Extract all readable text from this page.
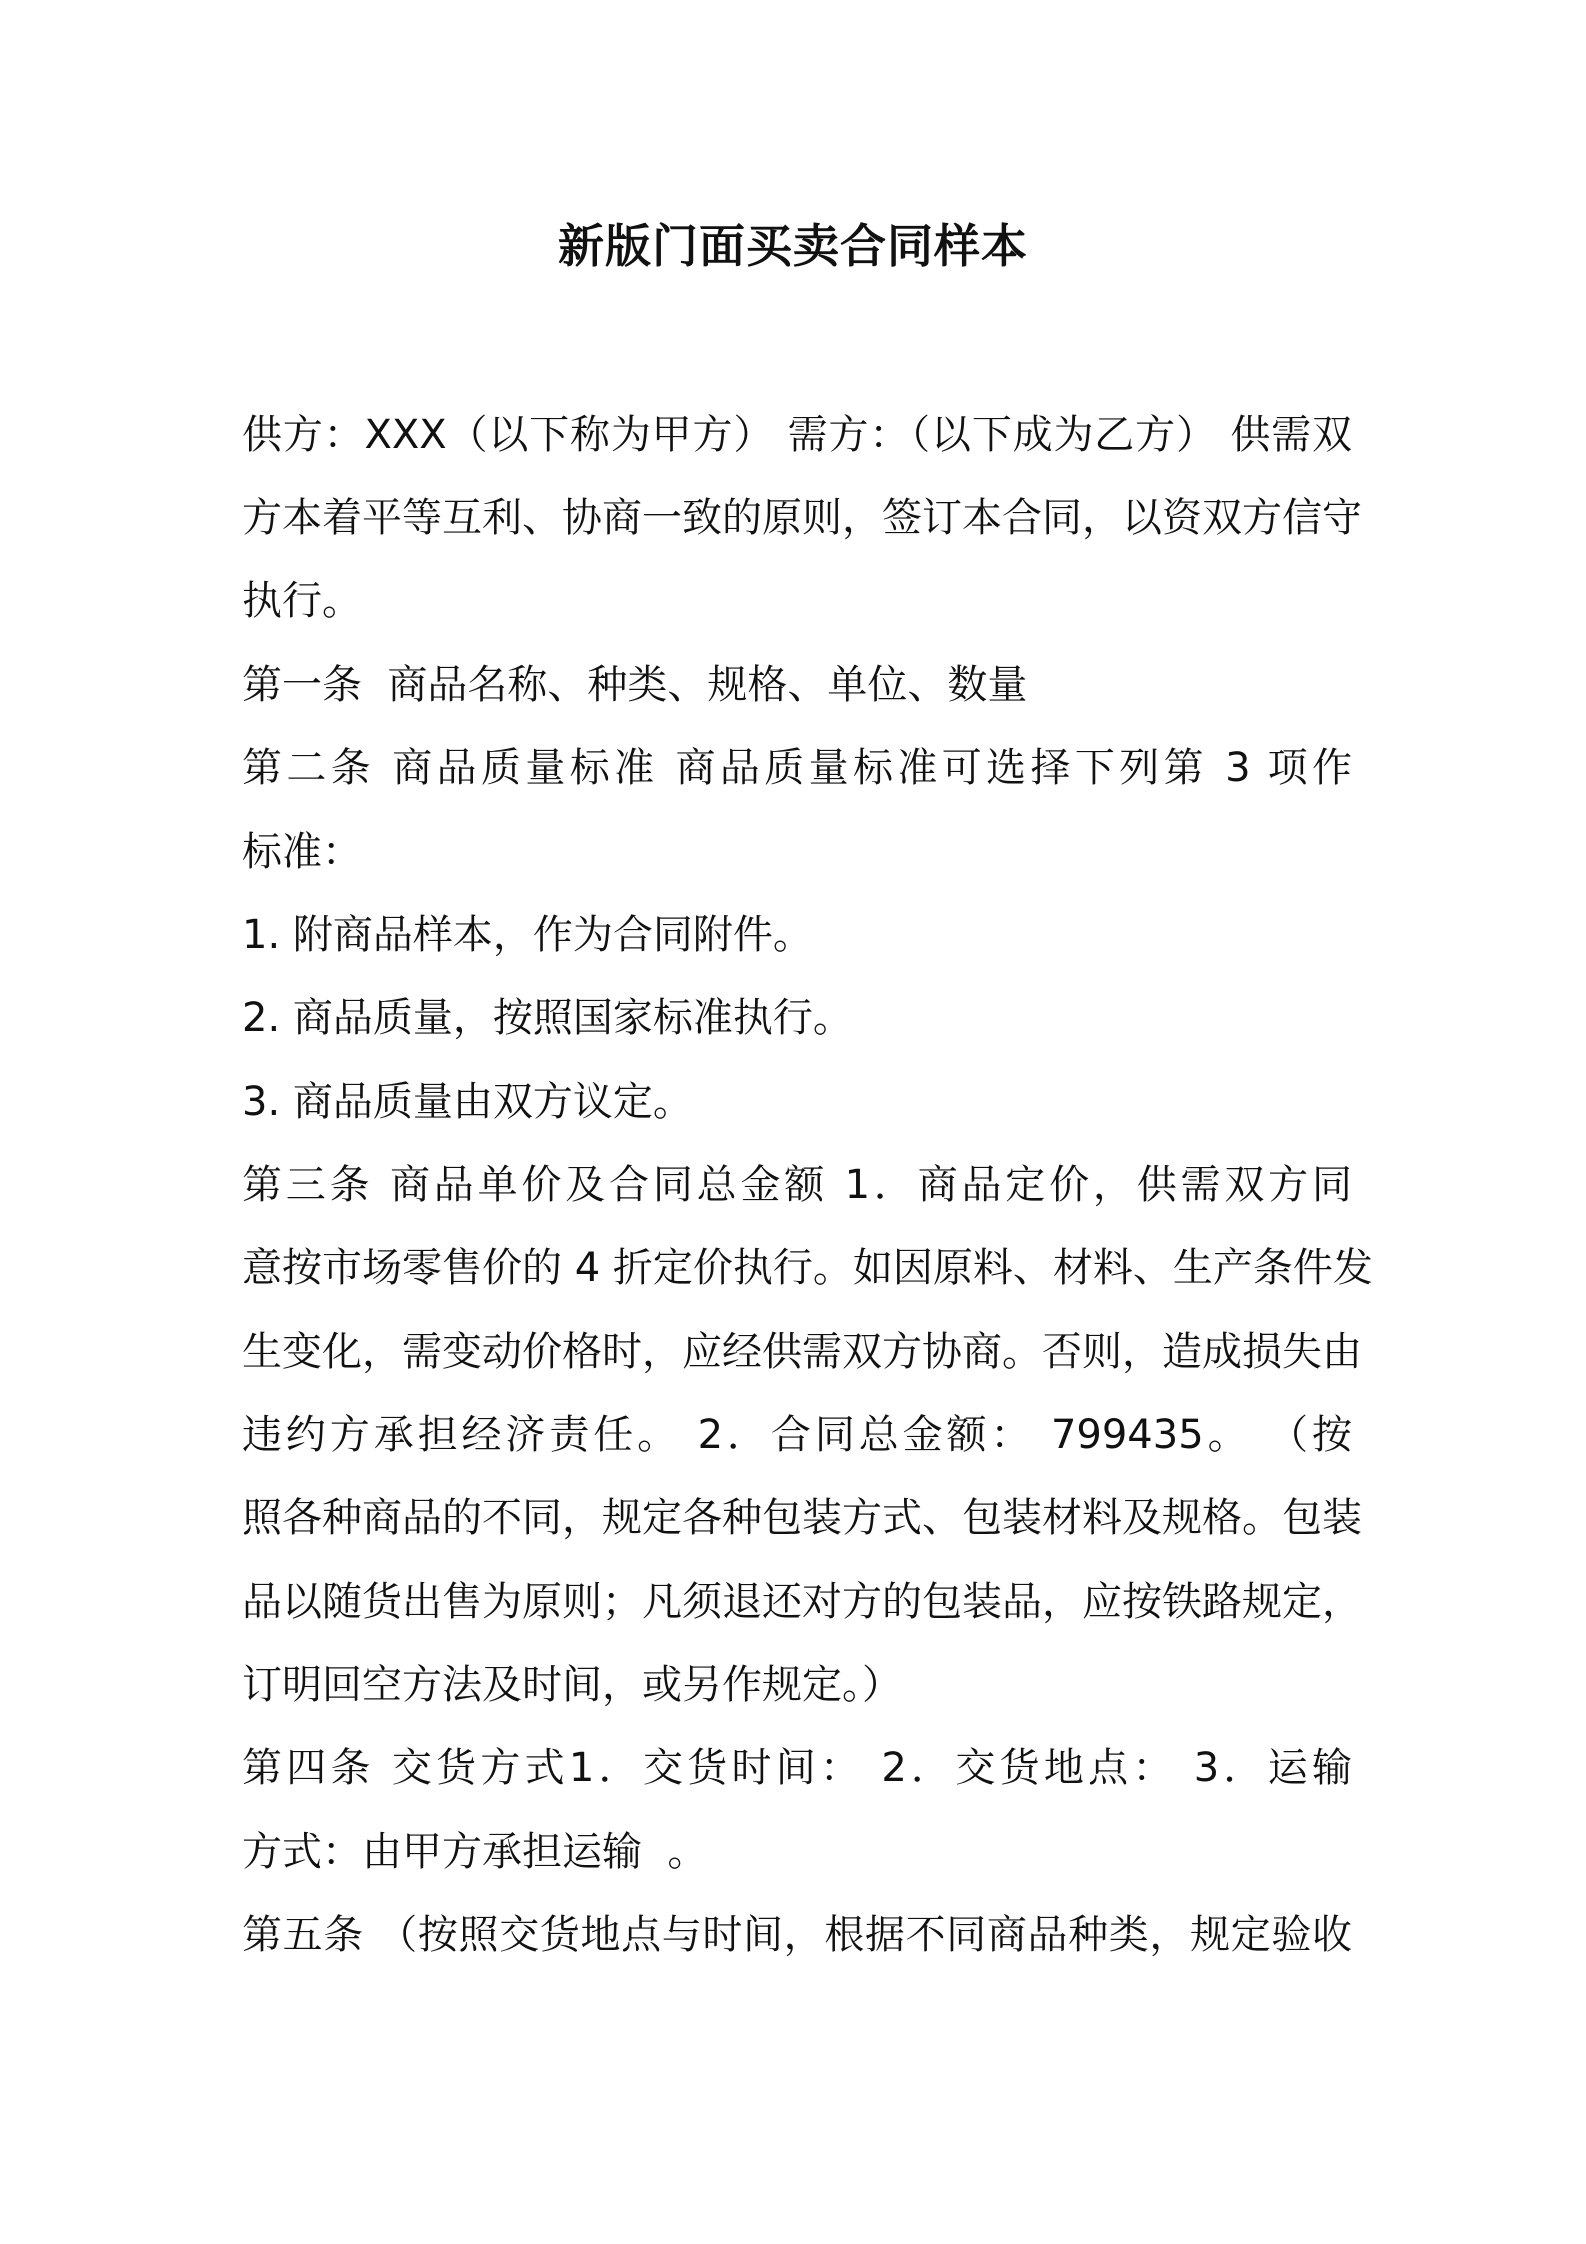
新版门面买卖合同样本
供方：XXX（以下称为甲方） 需方：（以下成为乙方） 供需双
方本着平等互利、协商一致的原则，签订本合同，以资双方信守
执行。
第一条  商品名称、种类、规格、单位、数量
第二条 商品质量标准 商品质量标准可选择下列第 3 项作
标准：
1. 附商品样本，作为合同附件。
2. 商品质量，按照国家标准执行。
3. 商品质量由双方议定。
第三条 商品单价及合同总金额 1．商品定价，供需双方同
意按市场零售价的 4 折定价执行。如因原料、材料、生产条件发
生变化，需变动价格时，应经供需双方协商。否则，造成损失由
违约方承担经济责任。 2．合同总金额： 799435。 （按
照各种商品的不同，规定各种包装方式、包装材料及规格。包装
品以随货出售为原则；凡须退还对方的包装品，应按铁路规定，
订明回空方法及时间，或另作规定。）
第四条 交货方式1．交货时间： 2．交货地点： 3．运输
方式：由甲方承担运输  。
第五条 （按照交货地点与时间，根据不同商品种类，规定验收
